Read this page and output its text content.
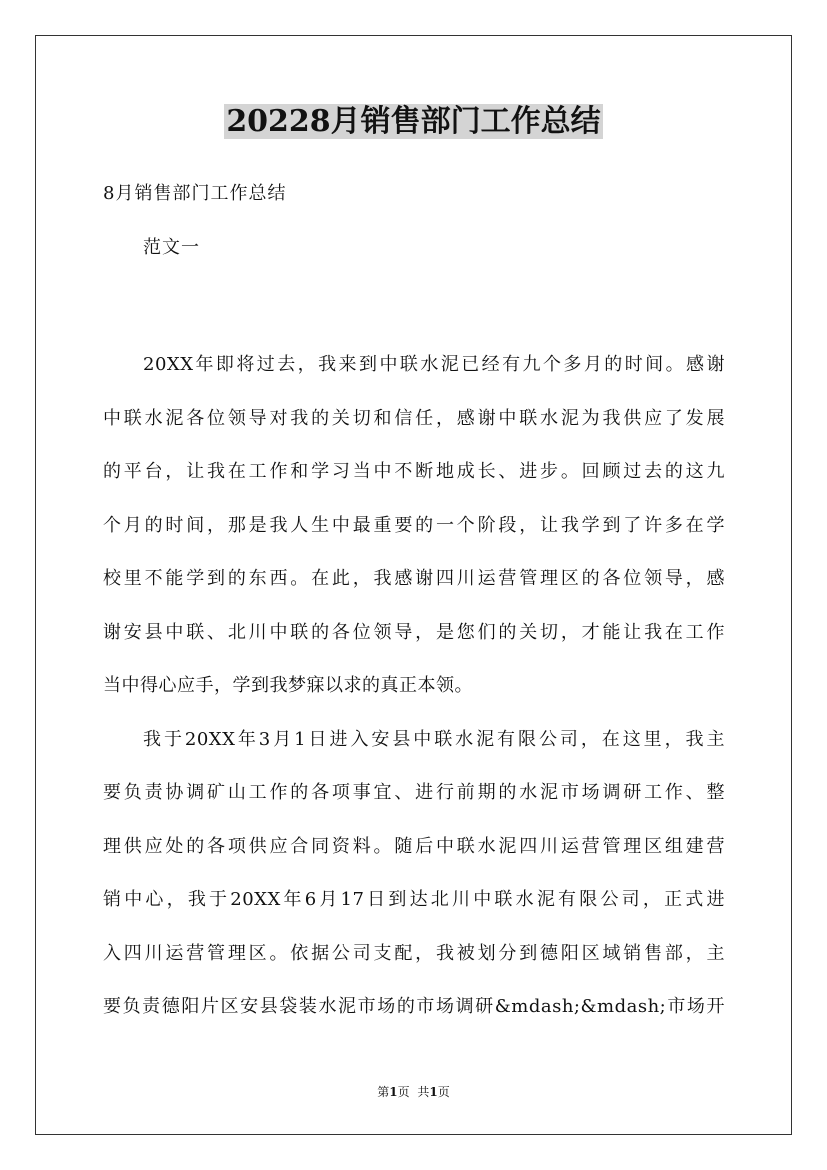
20228月销售部门工作总结
8月销售部门工作总结
范文一
20XX年即将过去，我来到中联水泥已经有九个多月的时间。感谢
中联水泥各位领导对我的关切和信任，感谢中联水泥为我供应了发展
的平台，让我在工作和学习当中不断地成长、进步。回顾过去的这九
个月的时间，那是我人生中最重要的一个阶段，让我学到了许多在学
校里不能学到的东西。在此，我感谢四川运营管理区的各位领导，感
谢安县中联、北川中联的各位领导，是您们的关切，才能让我在工作
当中得心应手，学到我梦寐以求的真正本领。
我于20XX年3月1日进入安县中联水泥有限公司，在这里，我主
要负责协调矿山工作的各项事宜、进行前期的水泥市场调研工作、整
理供应处的各项供应合同资料。随后中联水泥四川运营管理区组建营
销中心，我于20XX年6月17日到达北川中联水泥有限公司，正式进
入四川运营管理区。依据公司支配，我被划分到德阳区域销售部，主
要负责德阳片区安县袋装水泥市场的市场调研&mdash;&mdash;市场开
第1页 共1页
